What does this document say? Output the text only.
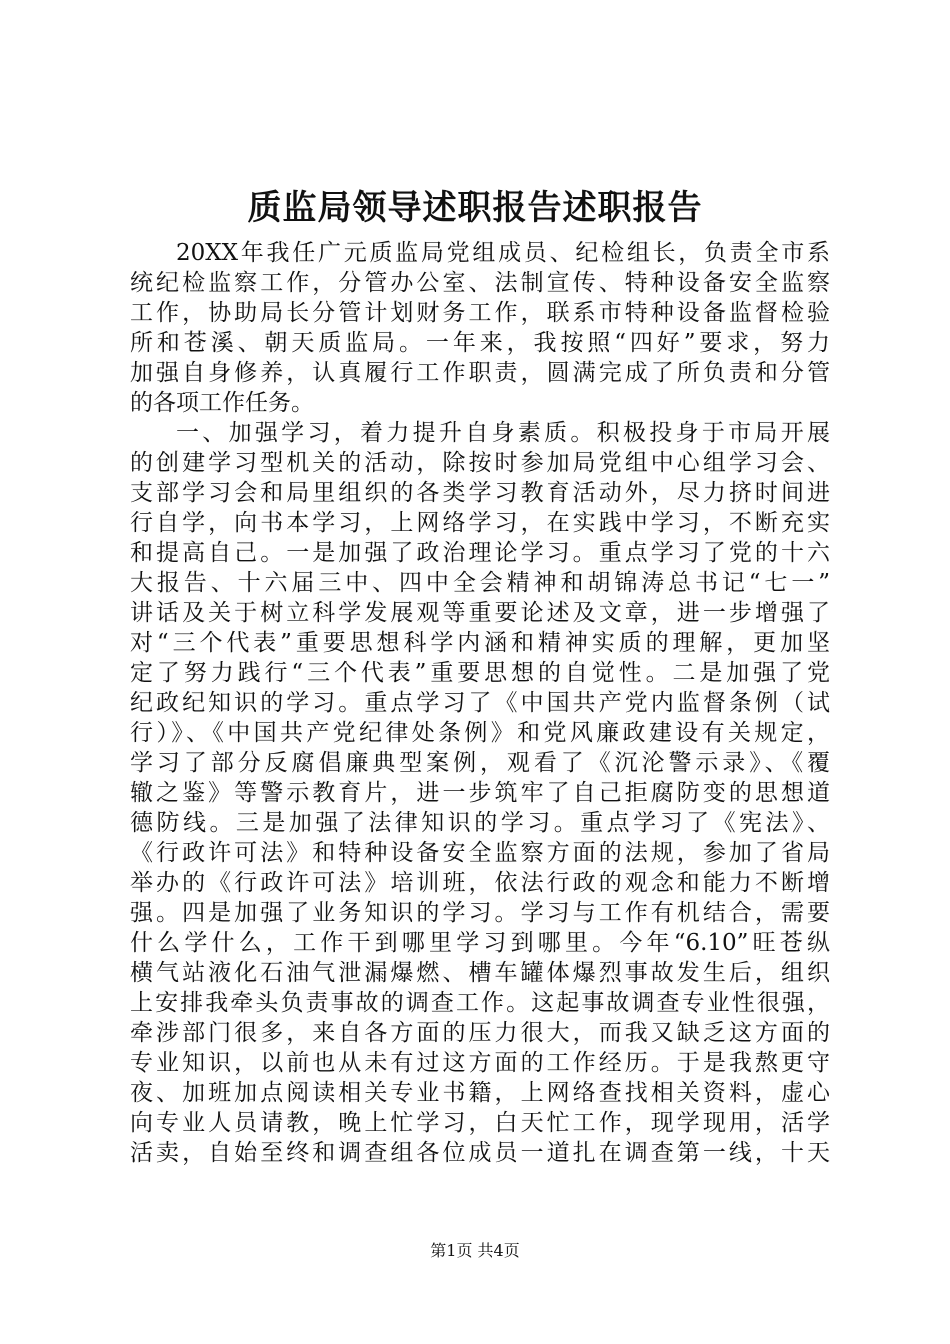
质监局领导述职报告述职报告
20XX年我任广元质监局党组成员、纪检组长，负责全市系
统纪检监察工作，分管办公室、法制宣传、特种设备安全监察
工作，协助局长分管计划财务工作，联系市特种设备监督检验
所和苍溪、朝天质监局。一年来，我按照“四好”要求，努力
加强自身修养，认真履行工作职责，圆满完成了所负责和分管
的各项工作任务。
一、加强学习，着力提升自身素质。积极投身于市局开展
的创建学习型机关的活动，除按时参加局党组中心组学习会、
支部学习会和局里组织的各类学习教育活动外，尽力挤时间进
行自学，向书本学习，上网络学习，在实践中学习，不断充实
和提高自己。一是加强了政治理论学习。重点学习了党的十六
大报告、十六届三中、四中全会精神和胡锦涛总书记“七一”
讲话及关于树立科学发展观等重要论述及文章，进一步增强了
对“三个代表”重要思想科学内涵和精神实质的理解，更加坚
定了努力践行“三个代表”重要思想的自觉性。二是加强了党
纪政纪知识的学习。重点学习了《中国共产党内监督条例（试
行）》、《中国共产党纪律处条例》和党风廉政建设有关规定，
学习了部分反腐倡廉典型案例，观看了《沉沦警示录》、《覆
辙之鉴》等警示教育片，进一步筑牢了自己拒腐防变的思想道
德防线。三是加强了法律知识的学习。重点学习了《宪法》、
《行政许可法》和特种设备安全监察方面的法规，参加了省局
举办的《行政许可法》培训班，依法行政的观念和能力不断增
强。四是加强了业务知识的学习。学习与工作有机结合，需要
什么学什么，工作干到哪里学习到哪里。今年“6.10”旺苍纵
横气站液化石油气泄漏爆燃、槽车罐体爆烈事故发生后，组织
上安排我牵头负责事故的调查工作。这起事故调查专业性很强，
牵涉部门很多，来自各方面的压力很大，而我又缺乏这方面的
专业知识，以前也从未有过这方面的工作经历。于是我熬更守
夜、加班加点阅读相关专业书籍，上网络查找相关资料，虚心
向专业人员请教，晚上忙学习，白天忙工作，现学现用，活学
活卖，自始至终和调查组各位成员一道扎在调查第一线，十天
第1页 共4页
